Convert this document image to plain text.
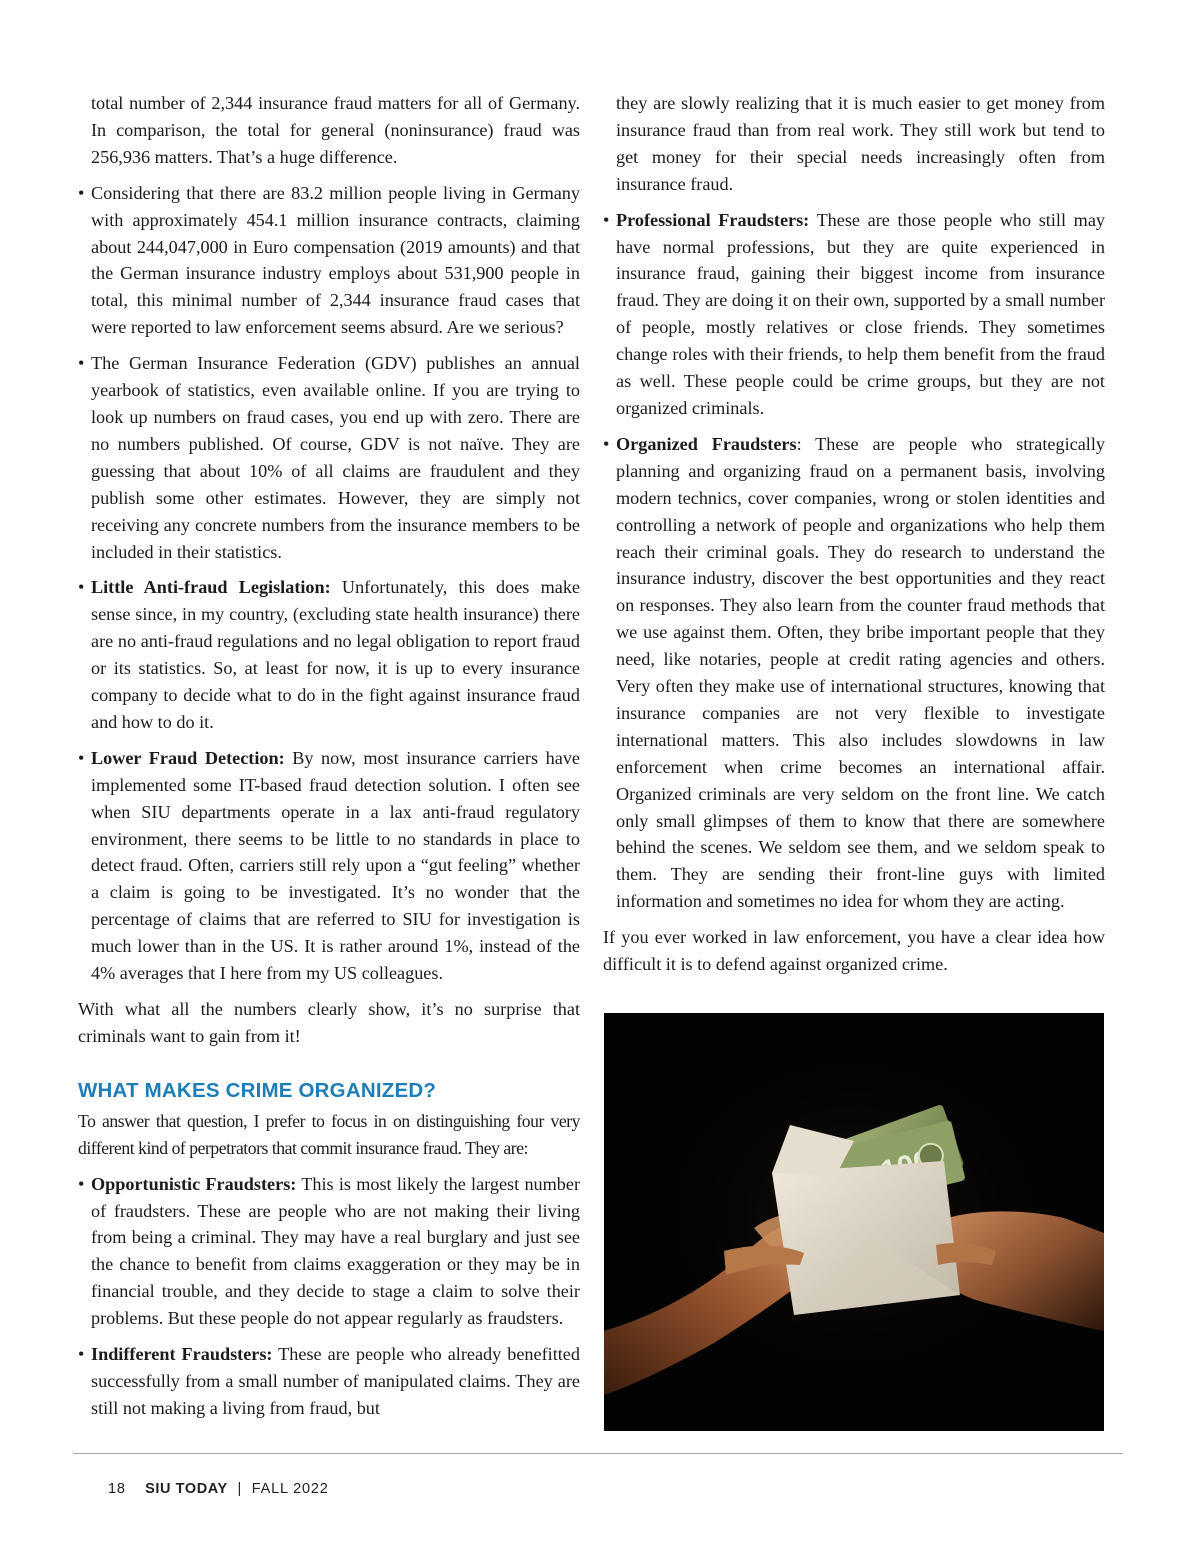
total number of 2,344 insurance fraud matters for all of Germany. In comparison, the total for general (noninsurance) fraud was 256,936 matters. That’s a huge difference.

• Considering that there are 83.2 million people living in Germany with approximately 454.1 million insurance contracts, claiming about 244,047,000 in Euro compensation (2019 amounts) and that the German insurance industry employs about 531,900 people in total, this minimal number of 2,344 insurance fraud cases that were reported to law enforcement seems absurd. Are we serious?

• The German Insurance Federation (GDV) publishes an annual yearbook of statistics, even available online. If you are trying to look up numbers on fraud cases, you end up with zero. There are no numbers published. Of course, GDV is not naïve. They are guessing that about 10% of all claims are fraudulent and they publish some other estimates. However, they are simply not receiving any concrete numbers from the insurance members to be included in their statistics.

• Little Anti-fraud Legislation: Unfortunately, this does make sense since, in my country, (excluding state health insurance) there are no anti-fraud regulations and no legal obligation to report fraud or its statistics. So, at least for now, it is up to every insurance company to decide what to do in the fight against insurance fraud and how to do it.

• Lower Fraud Detection: By now, most insurance carriers have implemented some IT-based fraud detection solution. I often see when SIU departments operate in a lax anti-fraud regulatory environment, there seems to be little to no standards in place to detect fraud. Often, carriers still rely upon a “gut feeling” whether a claim is going to be investigated. It’s no wonder that the percentage of claims that are referred to SIU for investigation is much lower than in the US. It is rather around 1%, instead of the 4% averages that I here from my US colleagues.

With what all the numbers clearly show, it’s no surprise that criminals want to gain from it!

WHAT MAKES CRIME ORGANIZED?

To answer that question, I prefer to focus in on distinguishing four very different kind of perpetrators that commit insurance fraud. They are:

• Opportunistic Fraudsters: This is most likely the largest number of fraudsters. These are people who are not making their living from being a criminal. They may have a real burglary and just see the chance to benefit from claims exaggeration or they may be in financial trouble, and they decide to stage a claim to solve their problems. But these people do not appear regularly as fraudsters.

• Indifferent Fraudsters: These are people who already benefitted successfully from a small number of manipulated claims. They are still not making a living from fraud, but

they are slowly realizing that it is much easier to get money from insurance fraud than from real work. They still work but tend to get money for their special needs increasingly often from insurance fraud.

• Professional Fraudsters: These are those people who still may have normal professions, but they are quite experienced in insurance fraud, gaining their biggest income from insurance fraud. They are doing it on their own, supported by a small number of people, mostly relatives or close friends. They sometimes change roles with their friends, to help them benefit from the fraud as well. These people could be crime groups, but they are not organized criminals.

• Organized Fraudsters: These are people who strategically planning and organizing fraud on a permanent basis, involving modern technics, cover companies, wrong or stolen identities and controlling a network of people and organizations who help them reach their criminal goals. They do research to understand the insurance industry, discover the best opportunities and they react on responses. They also learn from the counter fraud methods that we use against them. Often, they bribe important people that they need, like notaries, people at credit rating agencies and others. Very often they make use of international structures, knowing that insurance companies are not very flexible to investigate international matters. This also includes slowdowns in law enforcement when crime becomes an international affair. Organized criminals are very seldom on the front line. We catch only small glimpses of them to know that there are somewhere behind the scenes. We seldom see them, and we seldom speak to them. They are sending their front-line guys with limited information and sometimes no idea for whom they are acting.

If you ever worked in law enforcement, you have a clear idea how difficult it is to defend against organized crime.

18 SIU TODAY | FALL 2022
